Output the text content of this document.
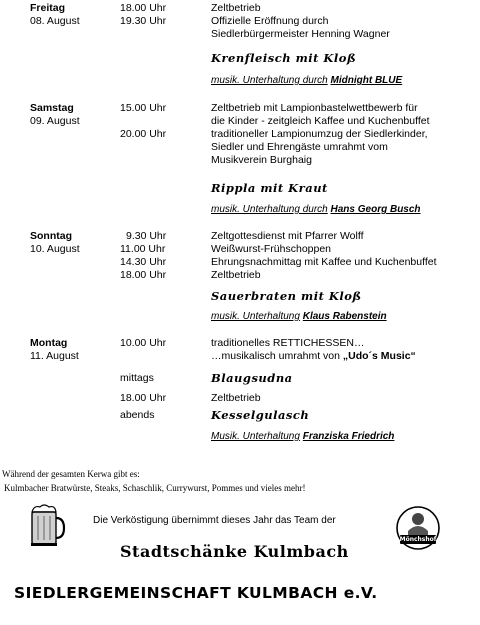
Freitag
08. August
18.00 Uhr	Zeltbetrieb
19.30 Uhr	Offizielle Eröffnung durch
Siedlerbürgermeister Henning Wagner
Krenfleisch mit Kloß
musik. Unterhaltung durch Midnight BLUE
Samstag
09. August
15.00 Uhr	Zeltbetrieb mit Lampionbastelwettbewerb für
die Kinder - zeitgleich Kaffee und Kuchenbuffet
20.00 Uhr	traditioneller Lampionumzug der Siedlerkinder,
Siedler und Ehrengäste umrahmt vom
Musikverein Burghaig
Rippla mit Kraut
musik. Unterhaltung durch Hans Georg Busch
Sonntag
10. August
9.30 Uhr	Zeltgottesdienst mit Pfarrer Wolff
11.00 Uhr	Weißwurst-Frühschoppen
14.30 Uhr	Ehrungsnachmittag mit Kaffee und Kuchenbuffet
18.00 Uhr	Zeltbetrieb
Sauerbraten mit Kloß
musik. Unterhaltung Klaus Rabenstein
Montag
11. August
10.00 Uhr	traditionelles RETTICHESSEN…
…musikalisch umrahmt von „Udo´s Music“
mittags	Blaugsudna
18.00 Uhr	Zeltbetrieb
abends	Kesselgulasch
Musik. Unterhaltung Franziska Friedrich
Während der gesamten Kerwa gibt es:
Kulmbacher Bratwürste, Steaks, Schaschlik, Currywurst, Pommes und vieles mehr!
Die Verköstigung übernimmt dieses Jahr das Team der
Mönchshof
Stadtschänke Kulmbach
SIEDLERGEMEINSCHAFT KULMBACH e.V.
